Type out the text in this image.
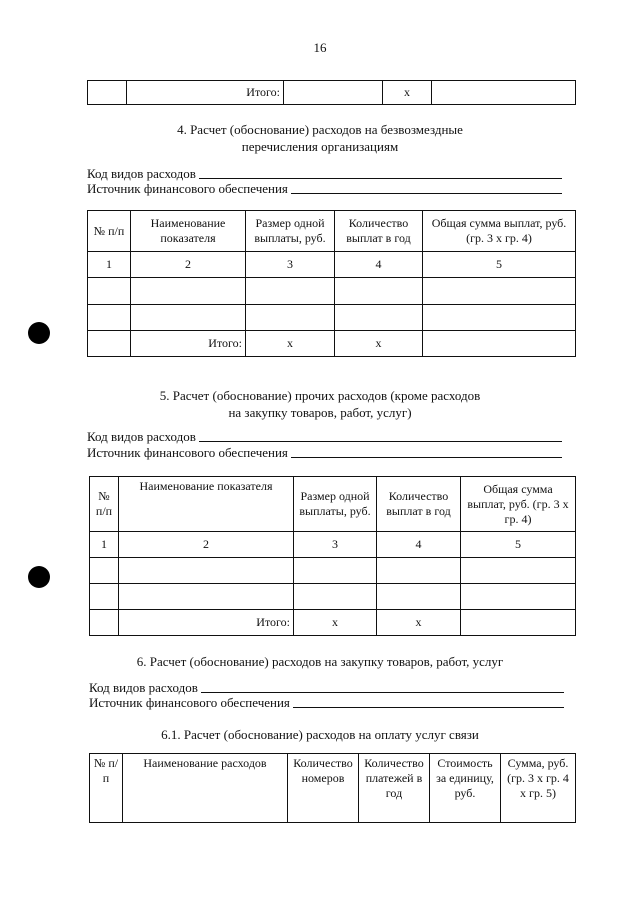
16
	Итого:		х	
4. Расчет (обоснование) расходов на безвозмездные
перечисления организациям
Код видов расходов
Источник финансового обеспечения
№ п/п	Наименование показателя	Размер одной выплаты, руб.	Количество выплат в год	Общая сумма выплат, руб. (гр. 3 х гр. 4)
1	2	3	4	5

	Итого:	х	х	
5. Расчет (обоснование) прочих расходов (кроме расходов
на закупку товаров, работ, услуг)
Код видов расходов
Источник финансового обеспечения
№ п/п	Наименование показателя	Размер одной выплаты, руб.	Количество выплат в год	Общая сумма выплат, руб. (гр. 3 х гр. 4)
1	2	3	4	5

	Итого:	х	х	
6. Расчет (обоснование) расходов на закупку товаров, работ, услуг
Код видов расходов
Источник финансового обеспечения
6.1. Расчет (обоснование) расходов на оплату услуг связи
№ п/п	Наименование расходов	Количество номеров	Количество платежей в год	Стоимость за единицу, руб.	Сумма, руб. (гр. 3 х гр. 4 х гр. 5)
